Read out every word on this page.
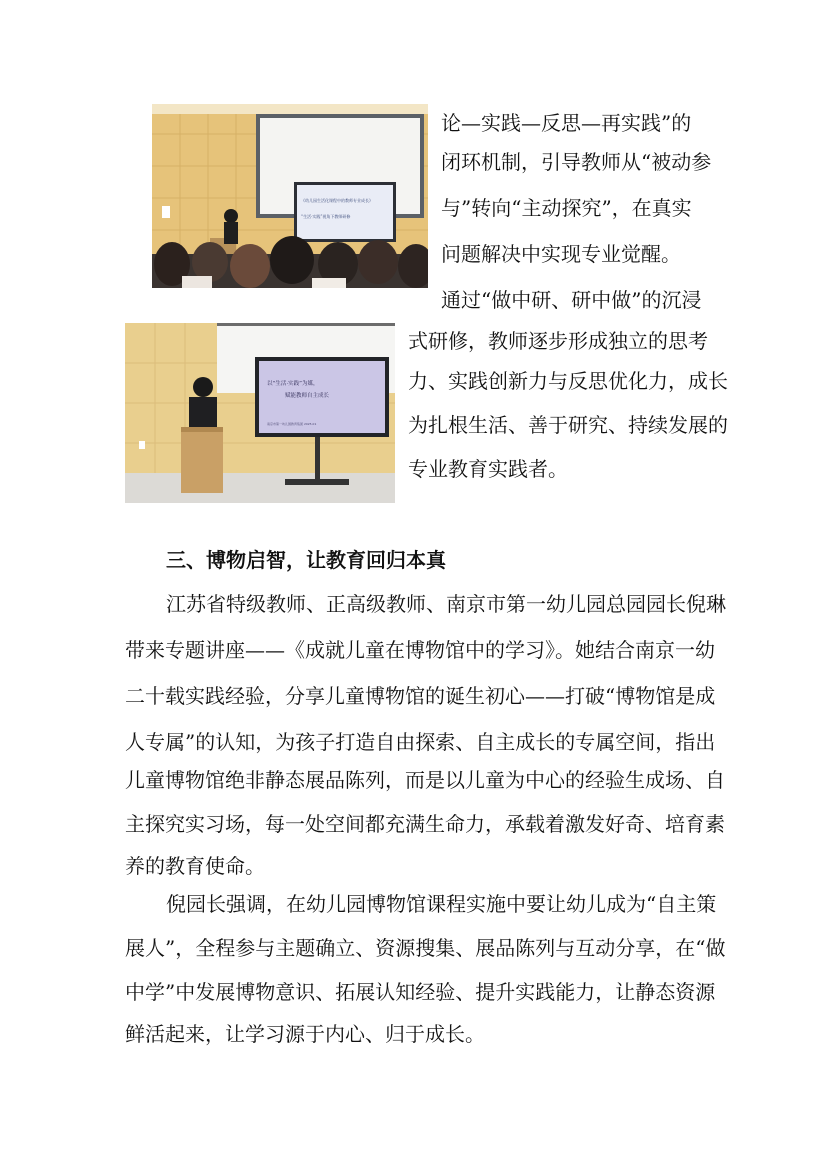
《幼儿园生活化课程中的教师专业成长》
“生活·实践”视角下教师研修
以“生活·实践”为媒，
赋能教师自主成长
南京市第一幼儿园教育集团 2025.01
论—实践—反思—再实践”的
闭环机制，引导教师从“被动参
与”转向“主动探究”，在真实
问题解决中实现专业觉醒。
通过“做中研、研中做”的沉浸
式研修，教师逐步形成独立的思考
力、实践创新力与反思优化力，成长
为扎根生活、善于研究、持续发展的
专业教育实践者。
三、博物启智，让教育回归本真
江苏省特级教师、正高级教师、南京市第一幼儿园总园园长倪琳
带来专题讲座——《成就儿童在博物馆中的学习》。她结合南京一幼
二十载实践经验，分享儿童博物馆的诞生初心——打破“博物馆是成
人专属”的认知，为孩子打造自由探索、自主成长的专属空间，指出
儿童博物馆绝非静态展品陈列，而是以儿童为中心的经验生成场、自
主探究实习场，每一处空间都充满生命力，承载着激发好奇、培育素
养的教育使命。
倪园长强调，在幼儿园博物馆课程实施中要让幼儿成为“自主策
展人”，全程参与主题确立、资源搜集、展品陈列与互动分享，在“做
中学”中发展博物意识、拓展认知经验、提升实践能力，让静态资源
鲜活起来，让学习源于内心、归于成长。
